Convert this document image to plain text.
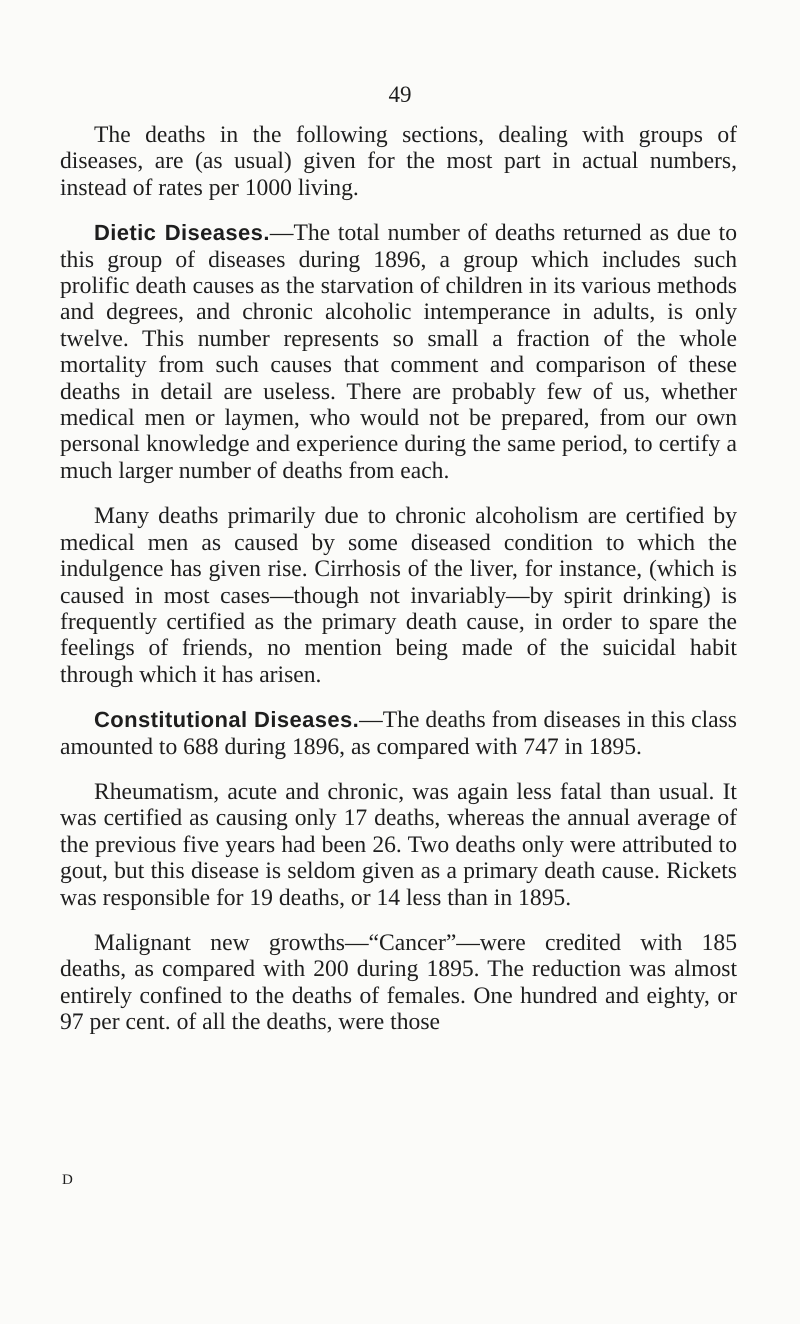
49

The deaths in the following sections, dealing with groups of diseases, are (as usual) given for the most part in actual numbers, instead of rates per 1000 living.

Dietic Diseases.—The total number of deaths returned as due to this group of diseases during 1896, a group which includes such prolific death causes as the starvation of children in its various methods and degrees, and chronic alcoholic intemperance in adults, is only twelve. This number represents so small a fraction of the whole mortality from such causes that comment and comparison of these deaths in detail are useless. There are probably few of us, whether medical men or laymen, who would not be prepared, from our own personal knowledge and experience during the same period, to certify a much larger number of deaths from each.

Many deaths primarily due to chronic alcoholism are certified by medical men as caused by some diseased condition to which the indulgence has given rise. Cirrhosis of the liver, for instance, (which is caused in most cases—though not invariably—by spirit drinking) is frequently certified as the primary death cause, in order to spare the feelings of friends, no mention being made of the suicidal habit through which it has arisen.

Constitutional Diseases.—The deaths from diseases in this class amounted to 688 during 1896, as compared with 747 in 1895.

Rheumatism, acute and chronic, was again less fatal than usual. It was certified as causing only 17 deaths, whereas the annual average of the previous five years had been 26. Two deaths only were attributed to gout, but this disease is seldom given as a primary death cause. Rickets was responsible for 19 deaths, or 14 less than in 1895.

Malignant new growths—“Cancer”—were credited with 185 deaths, as compared with 200 during 1895. The reduction was almost entirely confined to the deaths of females. One hundred and eighty, or 97 per cent. of all the deaths, were those

D
